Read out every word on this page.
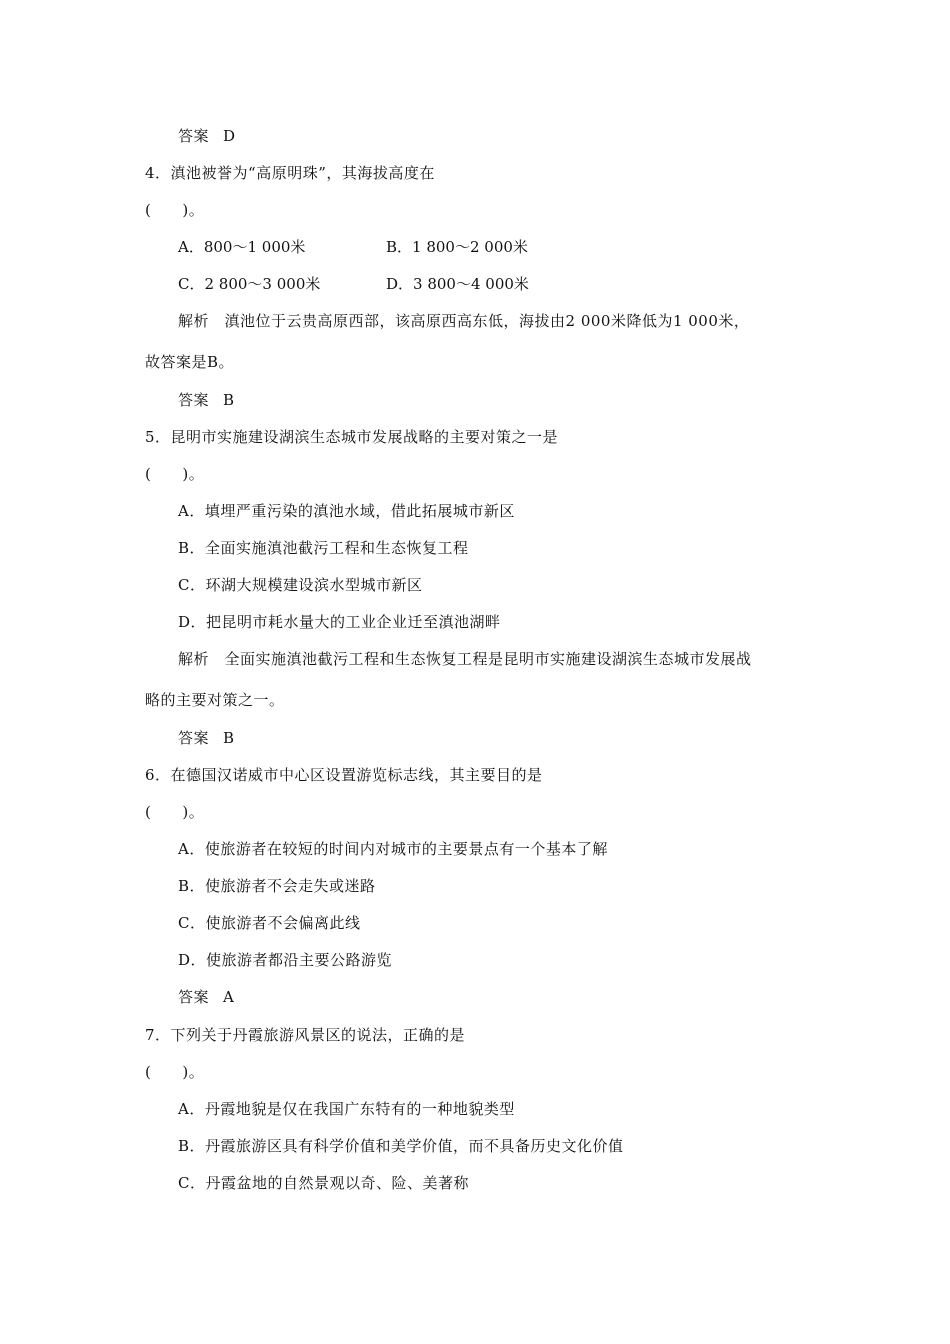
答案 D
4．滇池被誉为“高原明珠”，其海拔高度在
(　　)。
A．800～1 000米	B．1 800～2 000米
C．2 800～3 000米	D．3 800～4 000米
解析　滇池位于云贵高原西部，该高原西高东低，海拔由2 000米降低为1 000米，
故答案是B。
答案 B
5．昆明市实施建设湖滨生态城市发展战略的主要对策之一是
(　　)。
A．填埋严重污染的滇池水域，借此拓展城市新区
B．全面实施滇池截污工程和生态恢复工程
C．环湖大规模建设滨水型城市新区
D．把昆明市耗水量大的工业企业迁至滇池湖畔
解析　全面实施滇池截污工程和生态恢复工程是昆明市实施建设湖滨生态城市发展战
略的主要对策之一。
答案 B
6．在德国汉诺威市中心区设置游览标志线，其主要目的是
(　　)。
A．使旅游者在较短的时间内对城市的主要景点有一个基本了解
B．使旅游者不会走失或迷路
C．使旅游者不会偏离此线
D．使旅游者都沿主要公路游览
答案 A
7．下列关于丹霞旅游风景区的说法，正确的是
(　　)。
A．丹霞地貌是仅在我国广东特有的一种地貌类型
B．丹霞旅游区具有科学价值和美学价值，而不具备历史文化价值
C．丹霞盆地的自然景观以奇、险、美著称
